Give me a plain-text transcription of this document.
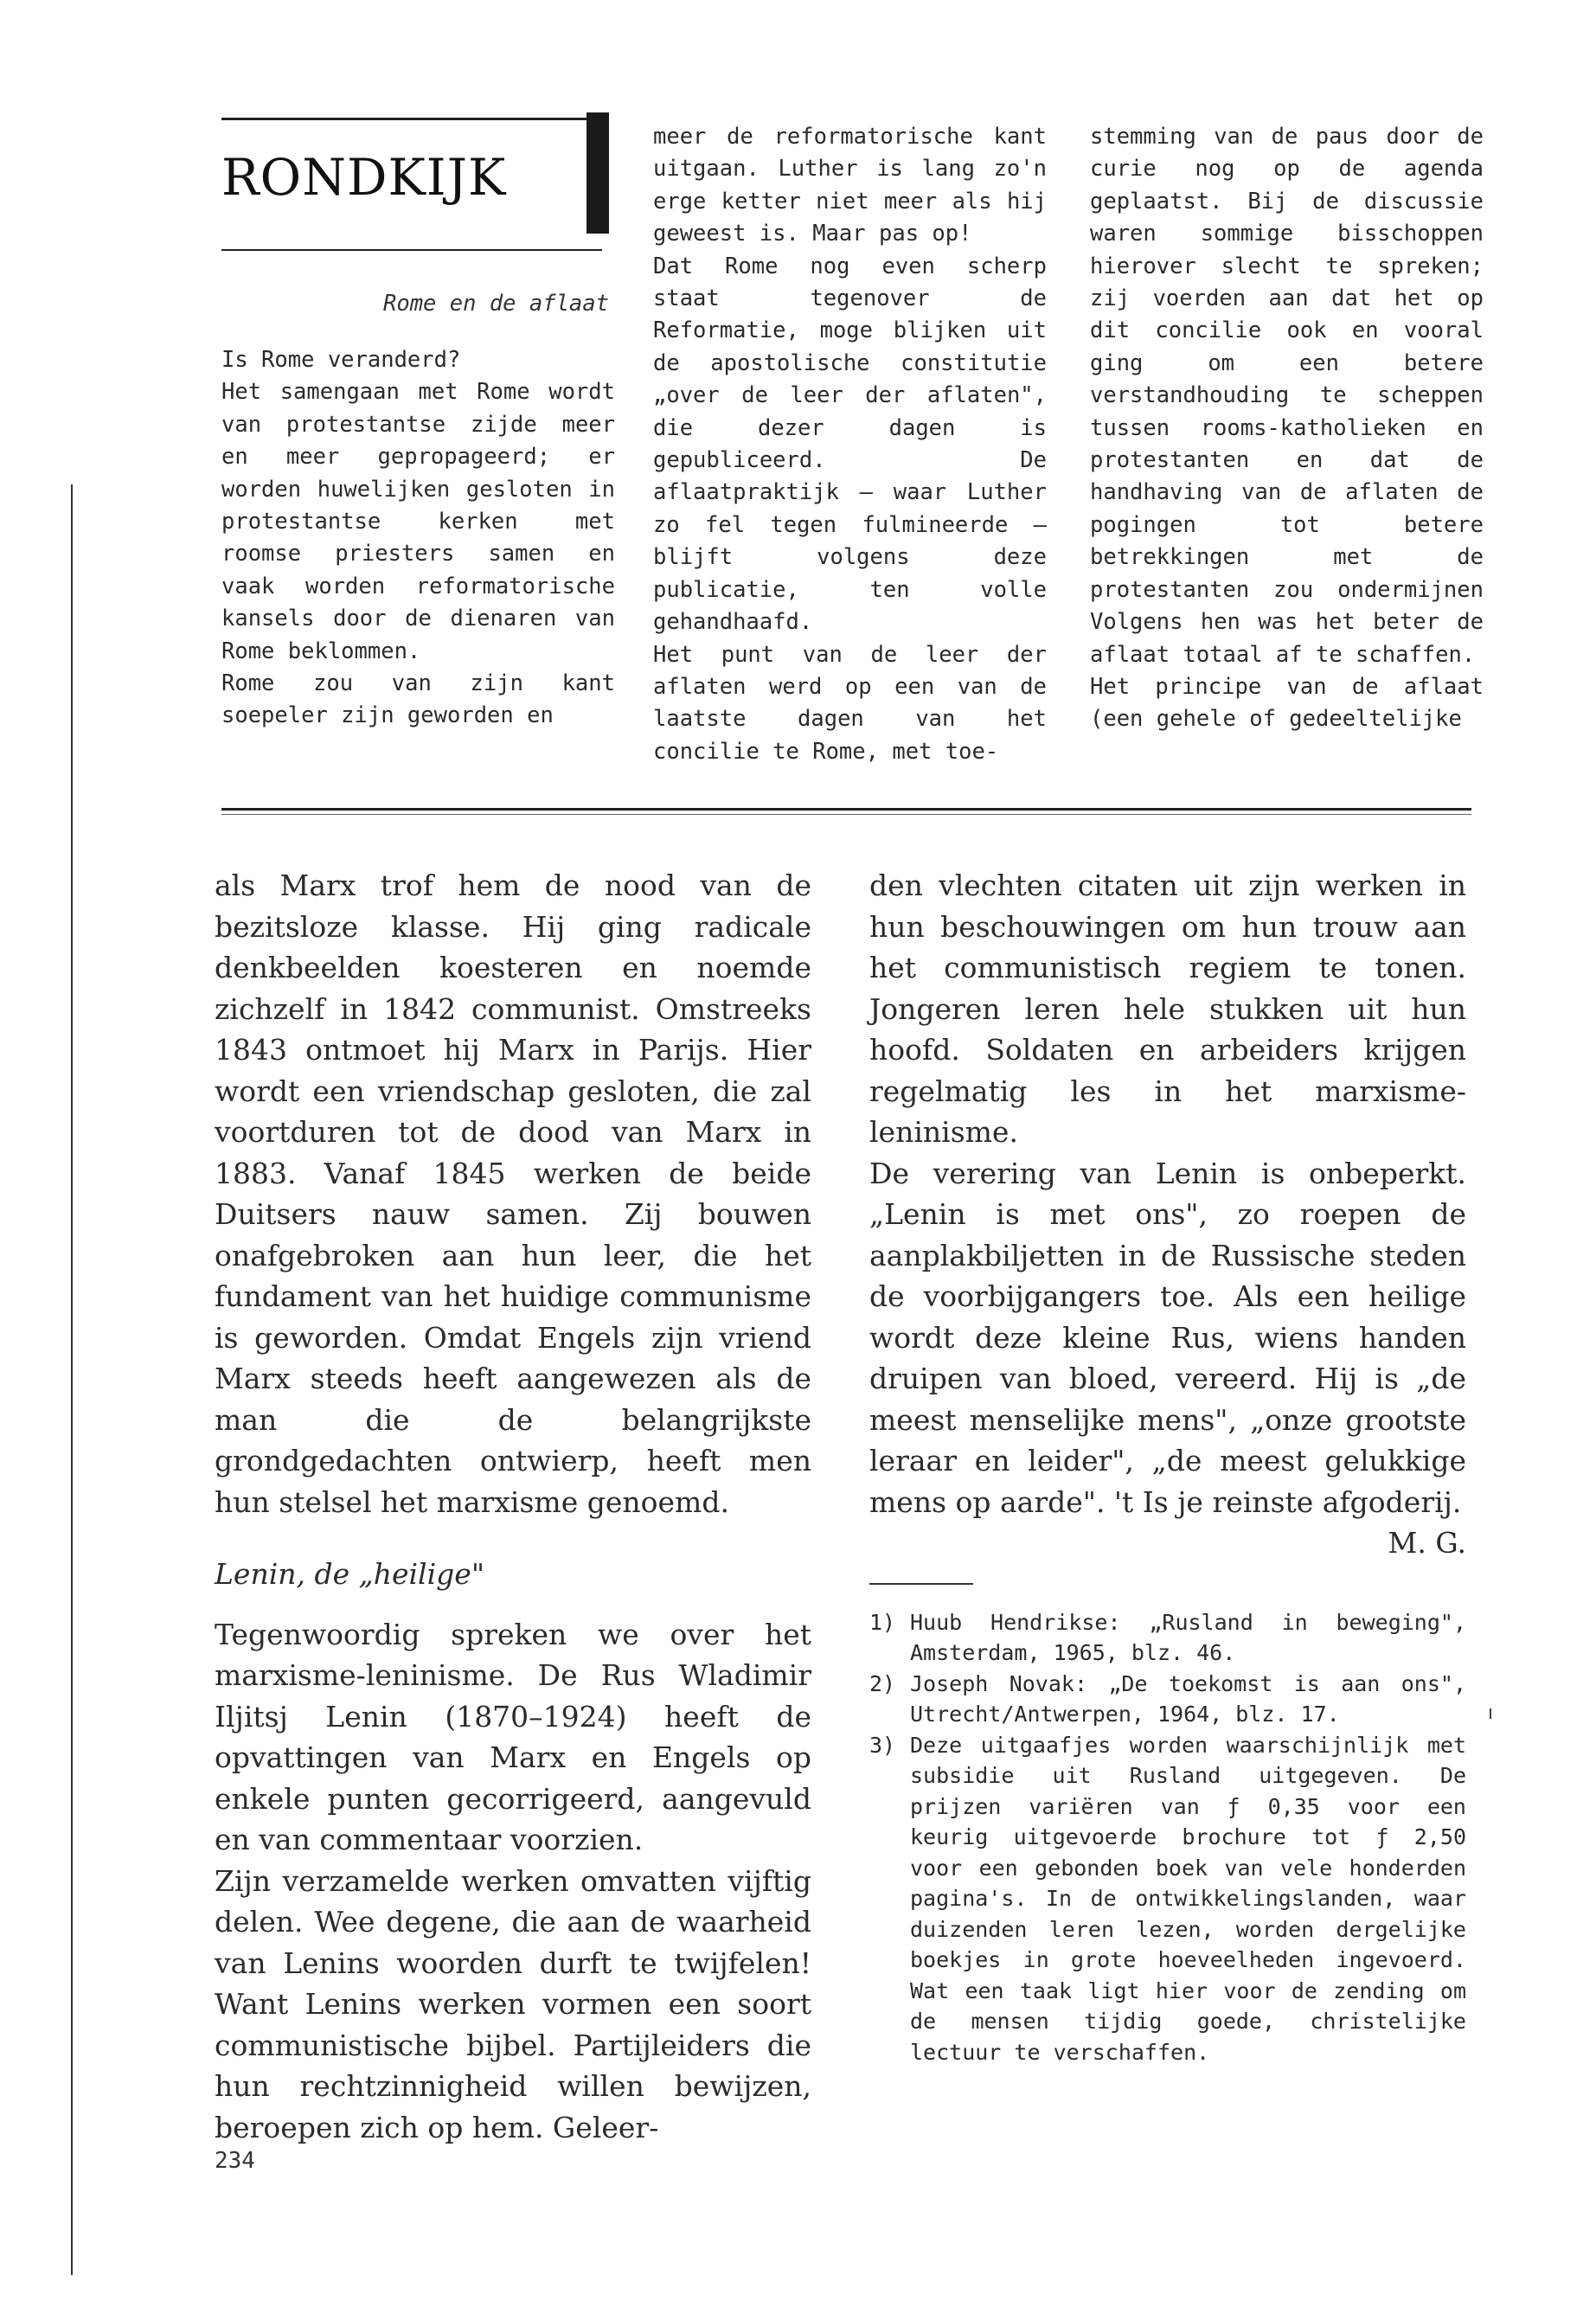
RONDKIJK
Rome en de aflaat

Is Rome veranderd?

Het samengaan met Rome wordt van protestantse zijde meer en meer gepropageerd; er worden huwelijken gesloten in protestantse kerken met roomse priesters samen en vaak worden reformatorische kansels door de dienaren van Rome beklommen.

Rome zou van zijn kant soepeler zijn geworden en

meer de reformatorische kant uitgaan. Luther is lang zo'n erge ketter niet meer als hij geweest is. Maar pas op!

Dat Rome nog even scherp staat tegenover de Reformatie, moge blijken uit de apostolische constitutie „over de leer der aflaten", die dezer dagen is gepubliceerd. De aflaatpraktijk — waar Luther zo fel tegen fulmineerde — blijft volgens deze publicatie, ten volle gehandhaafd.

Het punt van de leer der aflaten werd op een van de laatste dagen van het concilie te Rome, met toe-

stemming van de paus door de curie nog op de agenda geplaatst. Bij de discussie waren sommige bisschoppen hierover slecht te spreken; zij voerden aan dat het op dit concilie ook en vooral ging om een betere verstandhouding te scheppen tussen rooms-katholieken en protestanten en dat de handhaving van de aflaten de pogingen tot betere betrekkingen met de protestanten zou ondermijnen Volgens hen was het beter de aflaat totaal af te schaffen.

Het principe van de aflaat (een gehele of gedeeltelijke

als Marx trof hem de nood van de bezitsloze klasse. Hij ging radicale denkbeelden koesteren en noemde zichzelf in 1842 communist. Omstreeks 1843 ontmoet hij Marx in Parijs. Hier wordt een vriendschap gesloten, die zal voortduren tot de dood van Marx in 1883. Vanaf 1845 werken de beide Duitsers nauw samen. Zij bouwen onafgebroken aan hun leer, die het fundament van het huidige communisme is geworden. Omdat Engels zijn vriend Marx steeds heeft aangewezen als de man die de belangrijkste grondgedachten ontwierp, heeft men hun stelsel het marxisme genoemd.

Lenin, de „heilige"

Tegenwoordig spreken we over het marxisme-leninisme. De Rus Wladimir Iljitsj Lenin (1870–1924) heeft de opvattingen van Marx en Engels op enkele punten gecorrigeerd, aangevuld en van commentaar voorzien.

Zijn verzamelde werken omvatten vijftig delen. Wee degene, die aan de waarheid van Lenins woorden durft te twijfelen! Want Lenins werken vormen een soort communistische bijbel. Partijleiders die hun rechtzinnigheid willen bewijzen, beroepen zich op hem. Geleer-

den vlechten citaten uit zijn werken in hun beschouwingen om hun trouw aan het communistisch regiem te tonen. Jongeren leren hele stukken uit hun hoofd. Soldaten en arbeiders krijgen regelmatig les in het marxisme-leninisme.

De verering van Lenin is onbeperkt. „Lenin is met ons", zo roepen de aanplakbiljetten in de Russische steden de voorbijgangers toe. Als een heilige wordt deze kleine Rus, wiens handen druipen van bloed, vereerd. Hij is „de meest menselijke mens", „onze grootste leraar en leider", „de meest gelukkige mens op aarde". 't Is je reinste afgoderij.

M. G.

1) Huub Hendrikse: „Rusland in beweging", Amsterdam, 1965, blz. 46.
2) Joseph Novak: „De toekomst is aan ons", Utrecht/Antwerpen, 1964, blz. 17.
3) Deze uitgaafjes worden waarschijnlijk met subsidie uit Rusland uitgegeven. De prijzen variëren van ƒ 0,35 voor een keurig uitgevoerde brochure tot ƒ 2,50 voor een gebonden boek van vele honderden pagina's. In de ontwikkelingslanden, waar duizenden leren lezen, worden dergelijke boekjes in grote hoeveelheden ingevoerd. Wat een taak ligt hier voor de zending om de mensen tijdig goede, christelijke lectuur te verschaffen.
234
